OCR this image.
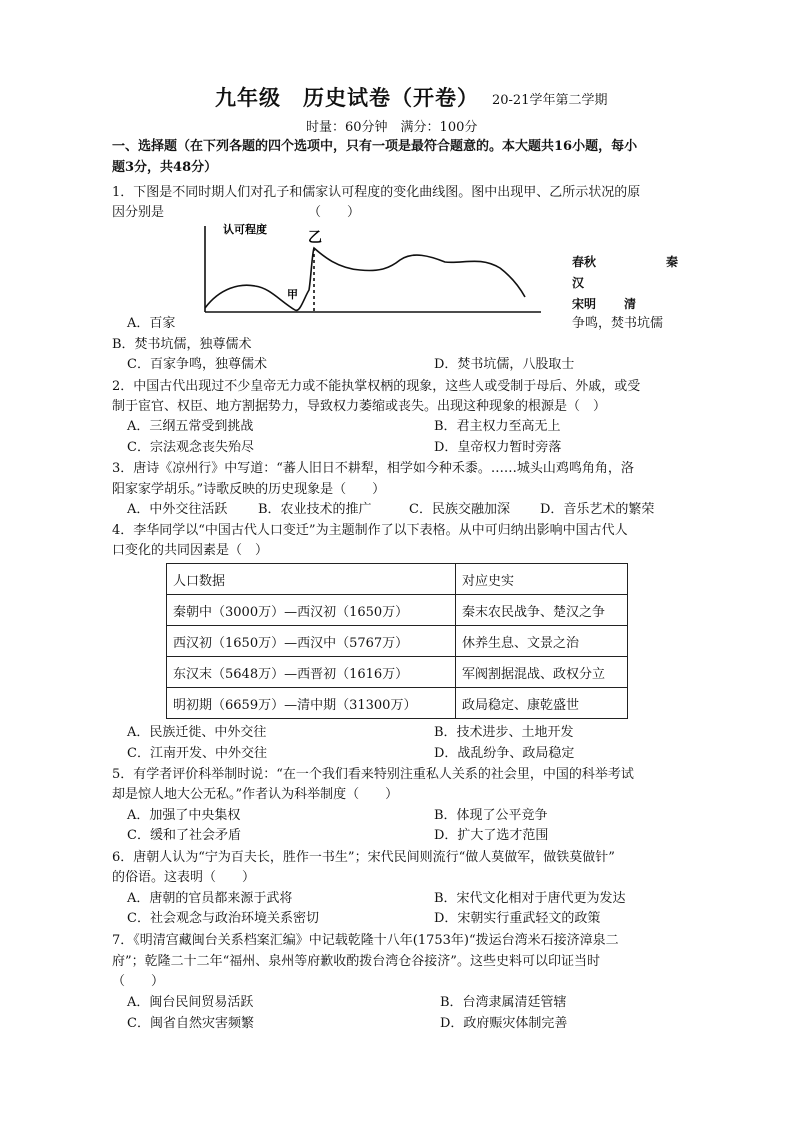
九年级　历史试卷（开卷） 20-21学年第二学期
时量：60分钟　满分：100分
一、选择题（在下列各题的四个选项中，只有一项是最符合题意的。本大题共16小题，每小
题3分，共48分）
1．下图是不同时期人们对孔子和儒家认可程度的变化曲线图。图中出现甲、乙所示状况的原
因分别是	（　　）
认可程度
甲
乙
春秋	秦
汉
宋明 清
A．百家	争鸣，焚书坑儒
B．焚书坑儒，独尊儒术
C．百家争鸣，独尊儒术	D．焚书坑儒，八股取士
2．中国古代出现过不少皇帝无力或不能执掌权柄的现象，这些人或受制于母后、外戚，或受
制于宦官、权臣、地方割据势力，导致权力萎缩或丧失。出现这种现象的根源是（　）
A．三纲五常受到挑战	B．君主权力至高无上
C．宗法观念丧失殆尽	D．皇帝权力暂时旁落
3．唐诗《凉州行》中写道：“蕃人旧日不耕犁，相学如今种禾黍。……城头山鸡鸣角角，洛
阳家家学胡乐。”诗歌反映的历史现象是（　　）
A．中外交往活跃 B．农业技术的推广	C．民族交融加深 D．音乐艺术的繁荣
4．李华同学以“中国古代人口变迁”为主题制作了以下表格。从中可归纳出影响中国古代人
口变化的共同因素是（　）
人口数据	对应史实
秦朝中（3000万）—西汉初（1650万）	秦末农民战争、楚汉之争
西汉初（1650万）—西汉中（5767万）	休养生息、文景之治
东汉末（5648万）—西晋初（1616万）	军阀割据混战、政权分立
明初期（6659万）—清中期（31300万）	政局稳定、康乾盛世
A．民族迁徙、中外交往	B．技术进步、土地开发
C．江南开发、中外交往	D．战乱纷争、政局稳定
5．有学者评价科举制时说：“在一个我们看来特别注重私人关系的社会里，中国的科举考试
却是惊人地大公无私。”作者认为科举制度（　　）
A．加强了中央集权	B．体现了公平竞争
C．缓和了社会矛盾	D．扩大了选才范围
6．唐朝人认为“宁为百夫长，胜作一书生”；宋代民间则流行“做人莫做军，做铁莫做针”
的俗语。这表明（　　）
A．唐朝的官员都来源于武将	B．宋代文化相对于唐代更为发达
C．社会观念与政治环境关系密切	D．宋朝实行重武轻文的政策
7．《明清宫藏闽台关系档案汇编》中记载乾隆十八年(1753年)“拨运台湾米石接济漳泉二
府”；乾隆二十二年“福州、泉州等府歉收酌拨台湾仓谷接济”。这些史料可以印证当时
（　　）
A．闽台民间贸易活跃	B．台湾隶属清廷管辖
C．闽省自然灾害频繁	D．政府赈灾体制完善
